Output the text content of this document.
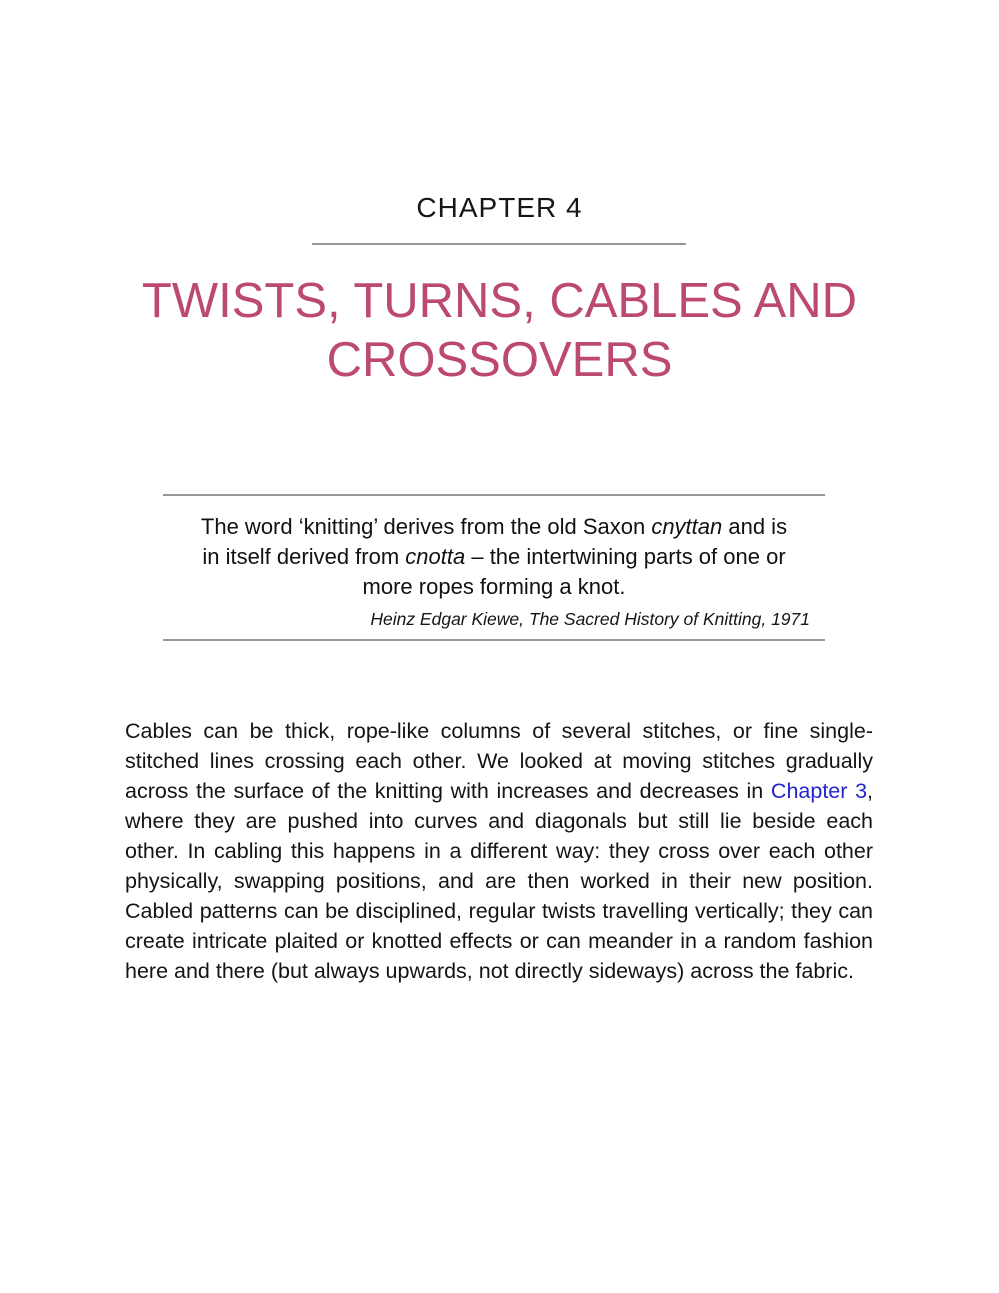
CHAPTER 4
TWISTS, TURNS, CABLES AND CROSSOVERS

The word ‘knitting’ derives from the old Saxon cnyttan and is in itself derived from cnotta – the intertwining parts of one or more ropes forming a knot.

Heinz Edgar Kiewe, The Sacred History of Knitting, 1971

Cables can be thick, rope-like columns of several stitches, or fine single-stitched lines crossing each other. We looked at moving stitches gradually across the surface of the knitting with increases and decreases in Chapter 3, where they are pushed into curves and diagonals but still lie beside each other. In cabling this happens in a different way: they cross over each other physically, swapping positions, and are then worked in their new position. Cabled patterns can be disciplined, regular twists travelling vertically; they can create intricate plaited or knotted effects or can meander in a random fashion here and there (but always upwards, not directly sideways) across the fabric.
